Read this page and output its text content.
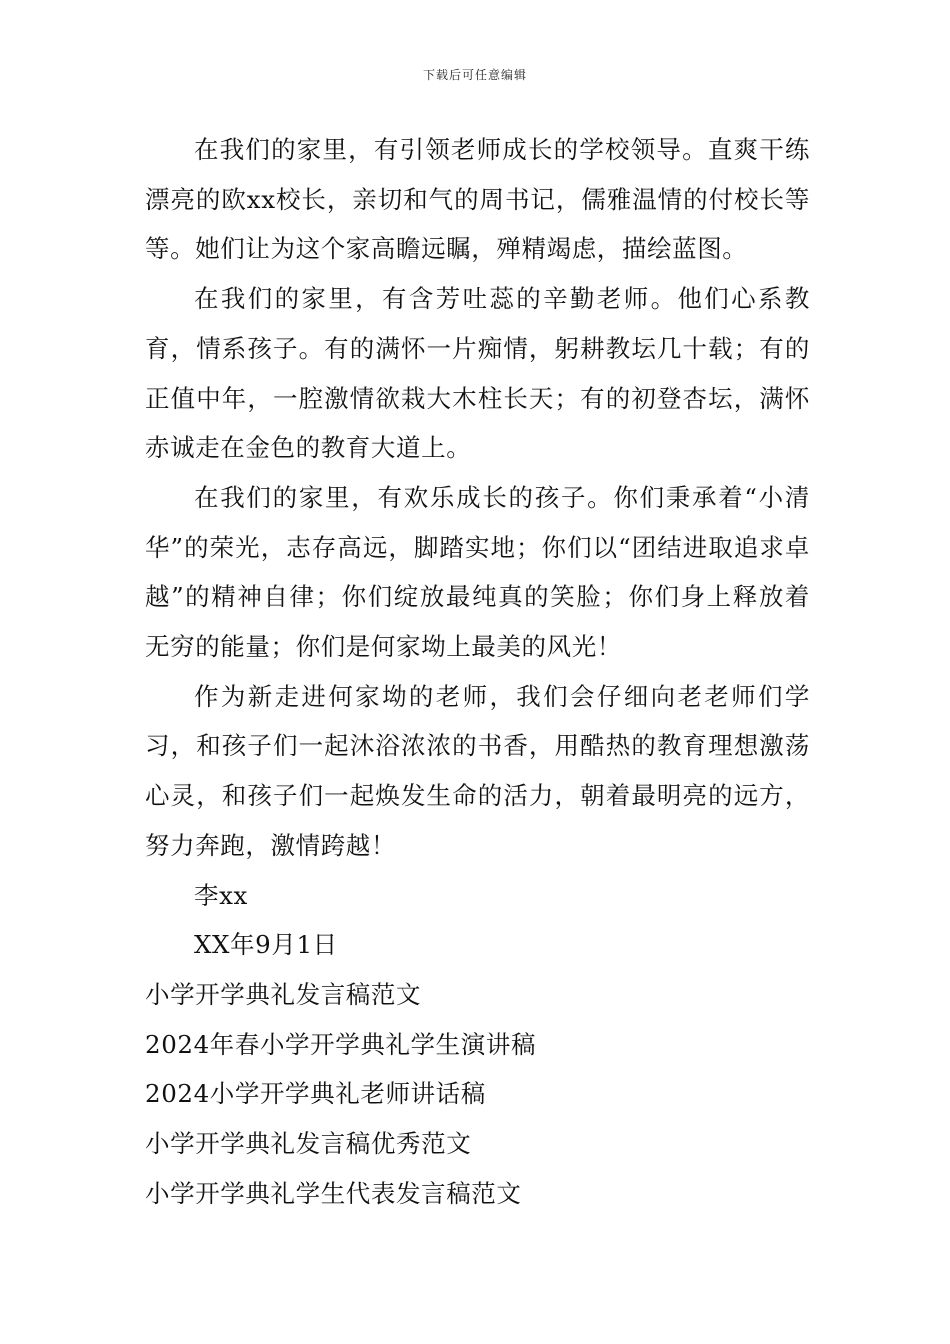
下载后可任意编辑

在我们的家里，有引领老师成长的学校领导。直爽干练漂亮的欧xx校长，亲切和气的周书记，儒雅温情的付校长等等。她们让为这个家高瞻远瞩，殚精竭虑，描绘蓝图。

在我们的家里，有含芳吐蕊的辛勤老师。他们心系教育，情系孩子。有的满怀一片痴情，躬耕教坛几十载；有的正值中年，一腔激情欲栽大木柱长天；有的初登杏坛，满怀赤诚走在金色的教育大道上。

在我们的家里，有欢乐成长的孩子。你们秉承着“小清华”的荣光，志存高远，脚踏实地；你们以“团结进取追求卓越”的精神自律；你们绽放最纯真的笑脸；你们身上释放着无穷的能量；你们是何家坳上最美的风光！

作为新走进何家坳的老师，我们会仔细向老老师们学习，和孩子们一起沐浴浓浓的书香，用酷热的教育理想激荡心灵，和孩子们一起焕发生命的活力，朝着最明亮的远方，努力奔跑，激情跨越！

李xx

XX年9月1日

小学开学典礼发言稿范文

2024年春小学开学典礼学生演讲稿

2024小学开学典礼老师讲话稿

小学开学典礼发言稿优秀范文

小学开学典礼学生代表发言稿范文
